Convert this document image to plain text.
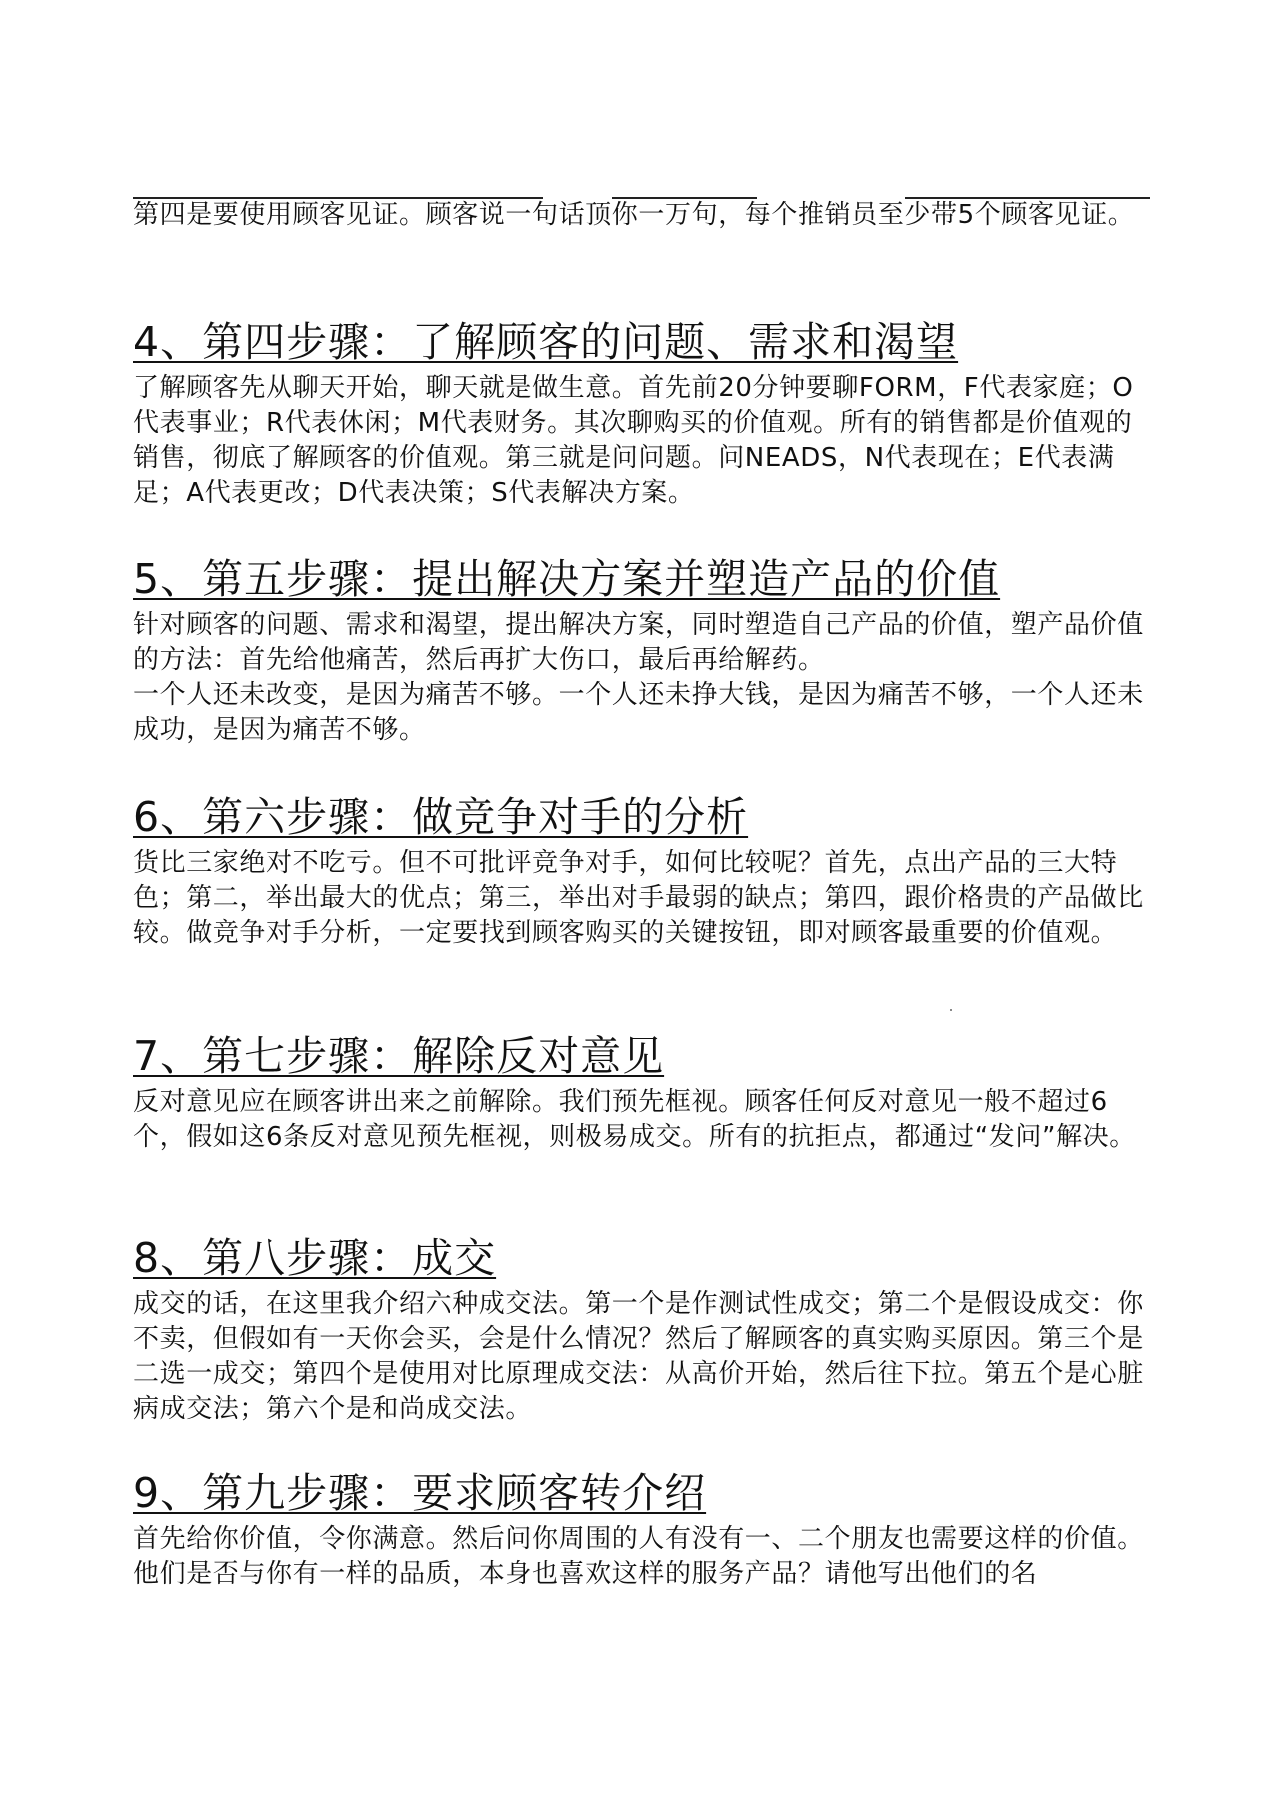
第四是要使用顾客见证。顾客说一句话顶你一万句，每个推销员至少带5个顾客见证。

4、第四步骤：了解顾客的问题、需求和渴望

了解顾客先从聊天开始，聊天就是做生意。首先前20分钟要聊FORM，F代表家庭；O代表事业；R代表休闲；M代表财务。其次聊购买的价值观。所有的销售都是价值观的销售，彻底了解顾客的价值观。第三就是问问题。问NEADS，N代表现在；E代表满足；A代表更改；D代表决策；S代表解决方案。

5、第五步骤：提出解决方案并塑造产品的价值

针对顾客的问题、需求和渴望，提出解决方案，同时塑造自己产品的价值，塑产品价值的方法：首先给他痛苦，然后再扩大伤口，最后再给解药。

一个人还未改变，是因为痛苦不够。一个人还未挣大钱，是因为痛苦不够，一个人还未成功，是因为痛苦不够。

6、第六步骤：做竞争对手的分析

货比三家绝对不吃亏。但不可批评竞争对手，如何比较呢？首先，点出产品的三大特色；第二，举出最大的优点；第三，举出对手最弱的缺点；第四，跟价格贵的产品做比较。做竞争对手分析，一定要找到顾客购买的关键按钮，即对顾客最重要的价值观。

7、第七步骤：解除反对意见

反对意见应在顾客讲出来之前解除。我们预先框视。顾客任何反对意见一般不超过6个，假如这6条反对意见预先框视，则极易成交。所有的抗拒点，都通过“发问”解决。

8、第八步骤：成交

成交的话，在这里我介绍六种成交法。第一个是作测试性成交；第二个是假设成交：你不卖，但假如有一天你会买，会是什么情况？然后了解顾客的真实购买原因。第三个是二选一成交；第四个是使用对比原理成交法：从高价开始，然后往下拉。第五个是心脏病成交法；第六个是和尚成交法。

9、第九步骤：要求顾客转介绍

首先给你价值，令你满意。然后问你周围的人有没有一、二个朋友也需要这样的价值。他们是否与你有一样的品质，本身也喜欢这样的服务产品？请他写出他们的名
